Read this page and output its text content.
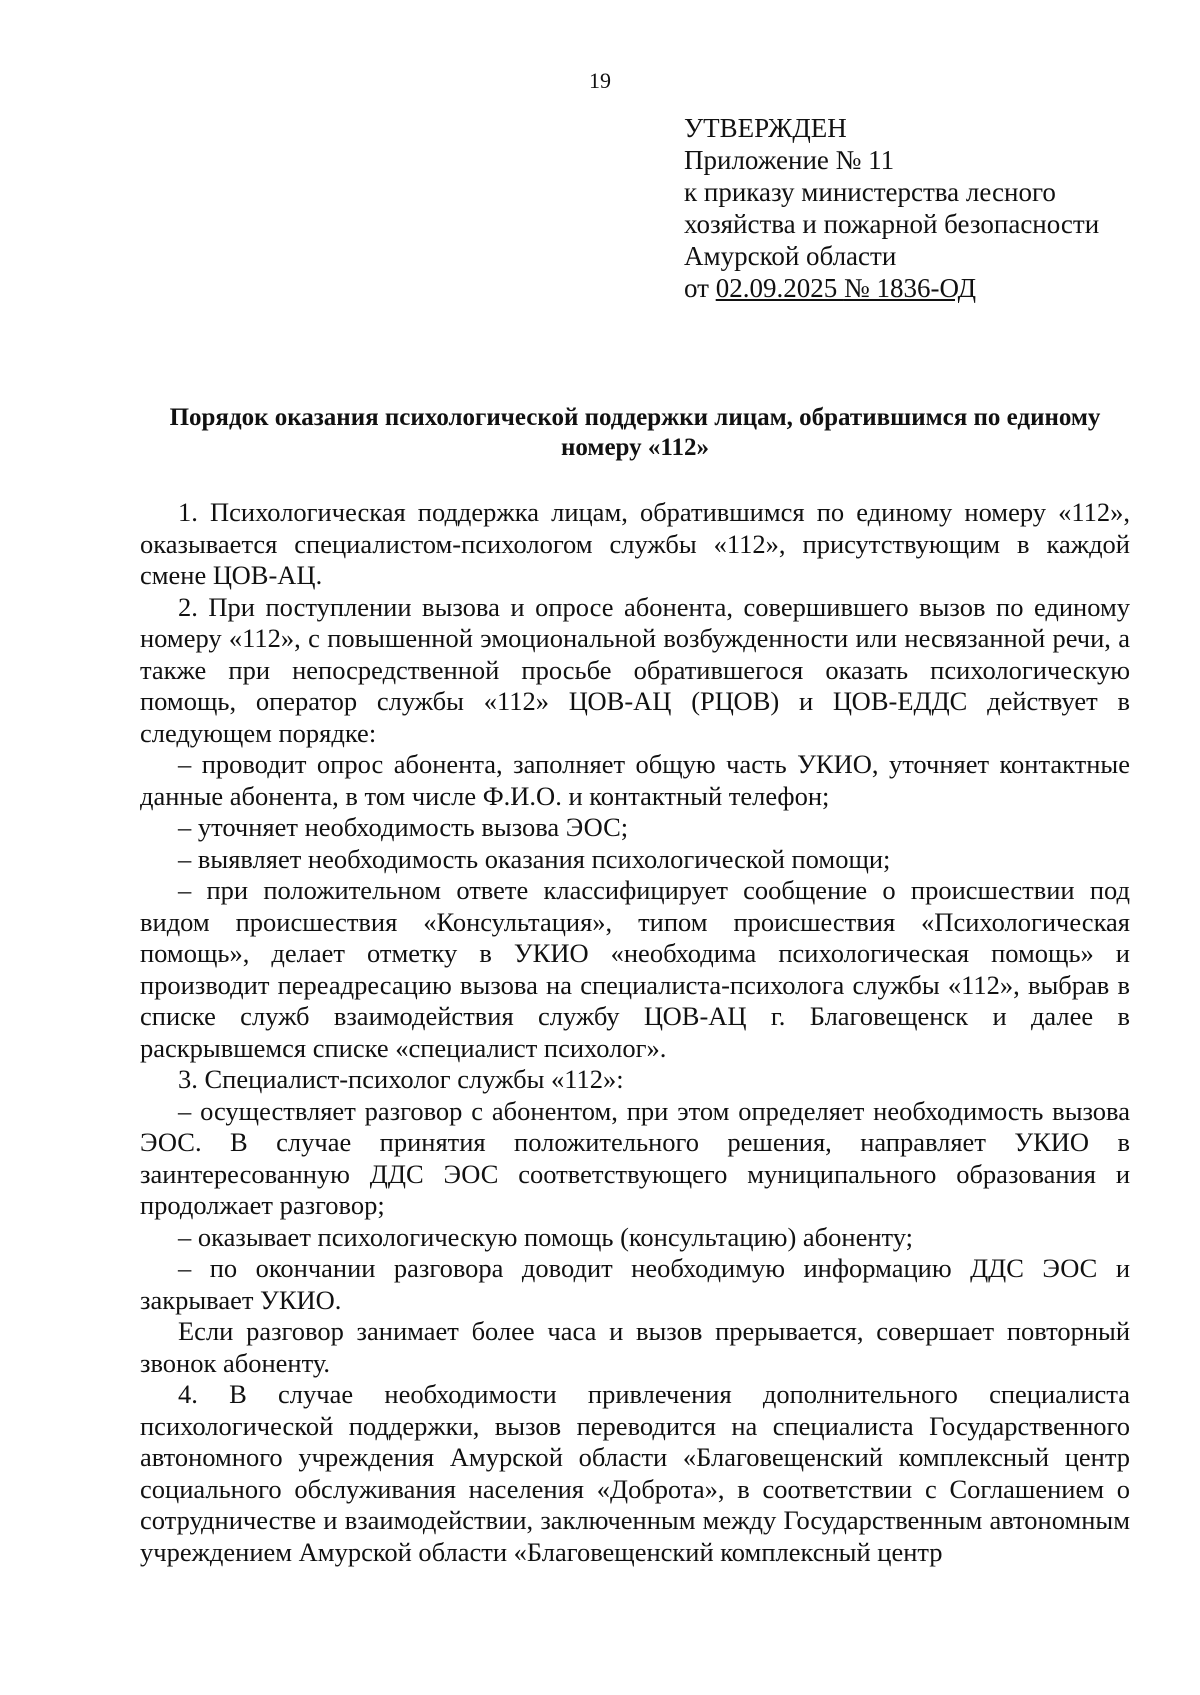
19
УТВЕРЖДЕН
Приложение № 11
к приказу министерства лесного
хозяйства и пожарной безопасности
Амурской области
от 02.09.2025 № 1836-ОД
Порядок оказания психологической поддержки лицам, обратившимся по единому номеру «112»

1. Психологическая поддержка лицам, обратившимся по единому номеру «112», оказывается специалистом-психологом службы «112», присутствующим в каждой смене ЦОВ-АЦ.

2. При поступлении вызова и опросе абонента, совершившего вызов по единому номеру «112», с повышенной эмоциональной возбужденности или несвязанной речи, а также при непосредственной просьбе обратившегося оказать психологическую помощь, оператор службы «112» ЦОВ-АЦ (РЦОВ) и ЦОВ-ЕДДС действует в следующем порядке:

– проводит опрос абонента, заполняет общую часть УКИО, уточняет контактные данные абонента, в том числе Ф.И.О. и контактный телефон;

– уточняет необходимость вызова ЭОС;

– выявляет необходимость оказания психологической помощи;

– при положительном ответе классифицирует сообщение о происшествии под видом происшествия «Консультация», типом происшествия «Психологическая помощь», делает отметку в УКИО «необходима психологическая помощь» и производит переадресацию вызова на специалиста-психолога службы «112», выбрав в списке служб взаимодействия службу ЦОВ-АЦ г. Благовещенск и далее в раскрывшемся списке «специалист психолог».

3. Специалист-психолог службы «112»:

– осуществляет разговор с абонентом, при этом определяет необходимость вызова ЭОС. В случае принятия положительного решения, направляет УКИО в заинтересованную ДДС ЭОС соответствующего муниципального образования и продолжает разговор;

– оказывает психологическую помощь (консультацию) абоненту;

– по окончании разговора доводит необходимую информацию ДДС ЭОС и закрывает УКИО.

Если разговор занимает более часа и вызов прерывается, совершает повторный звонок абоненту.

4. В случае необходимости привлечения дополнительного специалиста психологической поддержки, вызов переводится на специалиста Государственного автономного учреждения Амурской области «Благовещенский комплексный центр социального обслуживания населения «Доброта», в соответствии с Соглашением о сотрудничестве и взаимодействии, заключенным между Государственным автономным учреждением Амурской области «Благовещенский комплексный центр
